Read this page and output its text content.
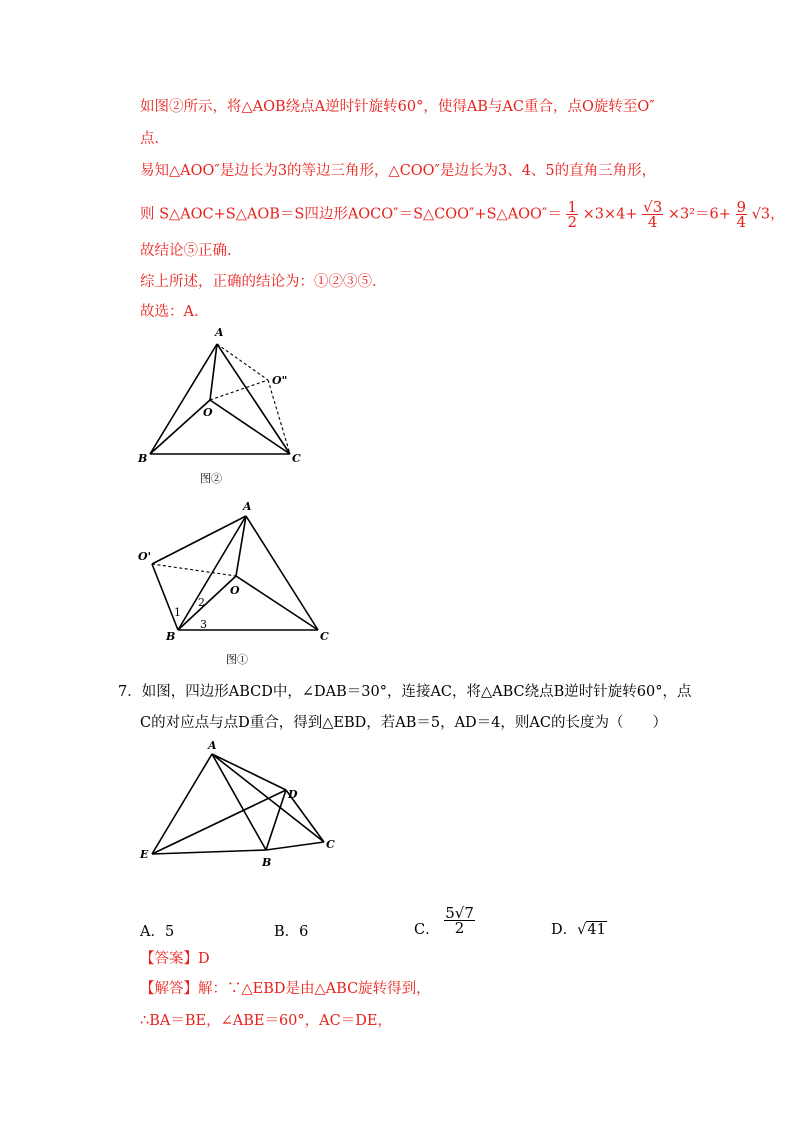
如图②所示，将△AOB绕点A逆时针旋转60°，使得AB与AC重合，点O旋转至O″
点.
易知△AOO″是边长为3的等边三角形，△COO″是边长为3、4、5的直角三角形，
则 S△AOC+S△AOB＝S四边形AOCO″＝S△COO″+S△AOO″＝ $\frac{1}{2} \times 3\times 4+ \frac{√3}{4} \times 3^2=6+ \frac{9}{4} √3$，
故结论⑤正确.
综上所述，正确的结论为：①②③⑤.
故选：A.
A
O"
O
B	C
图②
A
O'
O
B	C
1
2
3
图①
7．如图，四边形ABCD中，∠DAB＝30°，连接AC，将△ABC绕点B逆时针旋转60°，点
C的对应点与点D重合，得到△EBD，若AB＝5，AD＝4，则AC的长度为（　　）
A
D
E
B
C
A．5	B．6	C． $\frac{5√7}{2}$	D．√41
【答案】D
【解答】解：∵△EBD是由△ABC旋转得到，
∴BA＝BE，∠ABE＝60°，AC＝DE，
